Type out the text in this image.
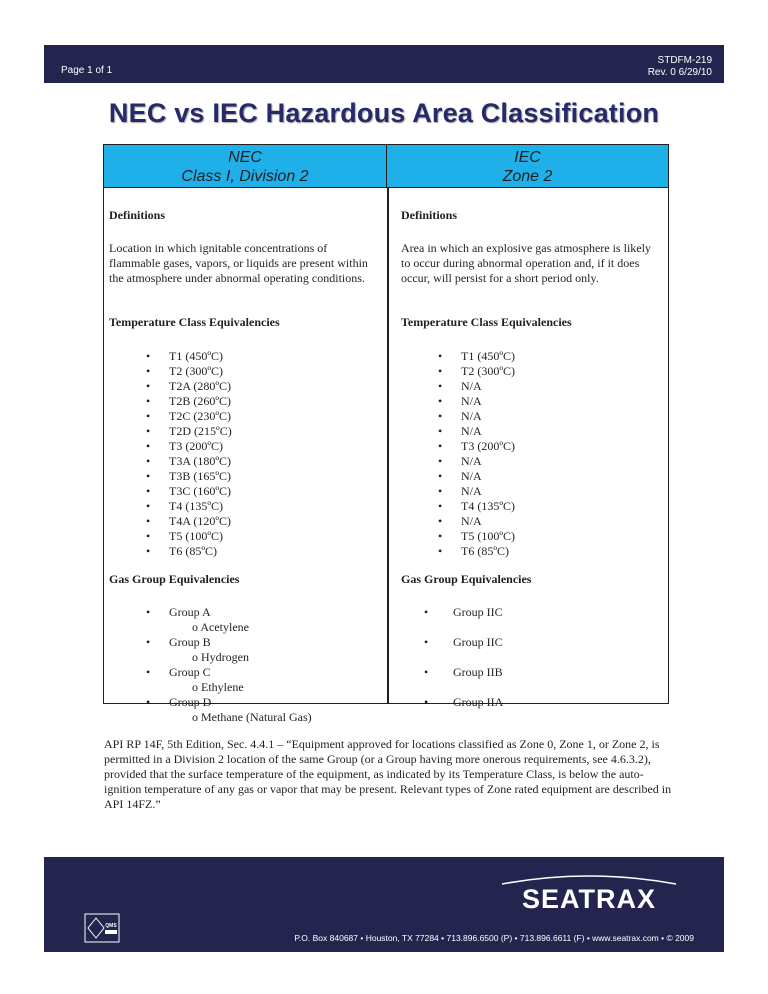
Page 1 of 1
STDFM-219
Rev. 0 6/29/10
NEC vs IEC Hazardous Area Classification
NEC
Class I, Division 2
IEC
Zone 2
Definitions
Location in which ignitable concentrations of flammable gases, vapors, or liquids are present within the atmosphere under abnormal operating conditions.
Temperature Class Equivalencies
• T1 (450ºC)
• T2 (300ºC)
• T2A (280ºC)
• T2B (260ºC)
• T2C (230ºC)
• T2D (215ºC)
• T3 (200ºC)
• T3A (180ºC)
• T3B (165ºC)
• T3C (160ºC)
• T4 (135ºC)
• T4A (120ºC)
• T5 (100ºC)
• T6 (85ºC)
Gas Group Equivalencies
• Group A
o Acetylene
• Group B
o Hydrogen
• Group C
o Ethylene
• Group D
o Methane (Natural Gas)
Definitions
Area in which an explosive gas atmosphere is likely to occur during abnormal operation and, if it does occur, will persist for a short period only.
Temperature Class Equivalencies
• T1 (450ºC)
• T2 (300ºC)
• N/A
• N/A
• N/A
• N/A
• T3 (200ºC)
• N/A
• N/A
• N/A
• T4 (135ºC)
• N/A
• T5 (100ºC)
• T6 (85ºC)
Gas Group Equivalencies
• Group IIC
• Group IIC
• Group IIB
• Group IIA
API RP 14F, 5th Edition, Sec. 4.4.1 – “Equipment approved for locations classified as Zone 0, Zone 1, or Zone 2, is permitted in a Division 2 location of the same Group (or a Group having more onerous requirements, see 4.6.3.2), provided that the surface temperature of the equipment, as indicated by its Temperature Class, is below the auto-ignition temperature of any gas or vapor that may be present. Relevant types of Zone rated equipment are described in API 14FZ.”
SEATRAX
QMS
P.O. Box 840687 • Houston, TX 77284 • 713.896.6500 (P) • 713.896.6611 (F) • www.seatrax.com • © 2009
